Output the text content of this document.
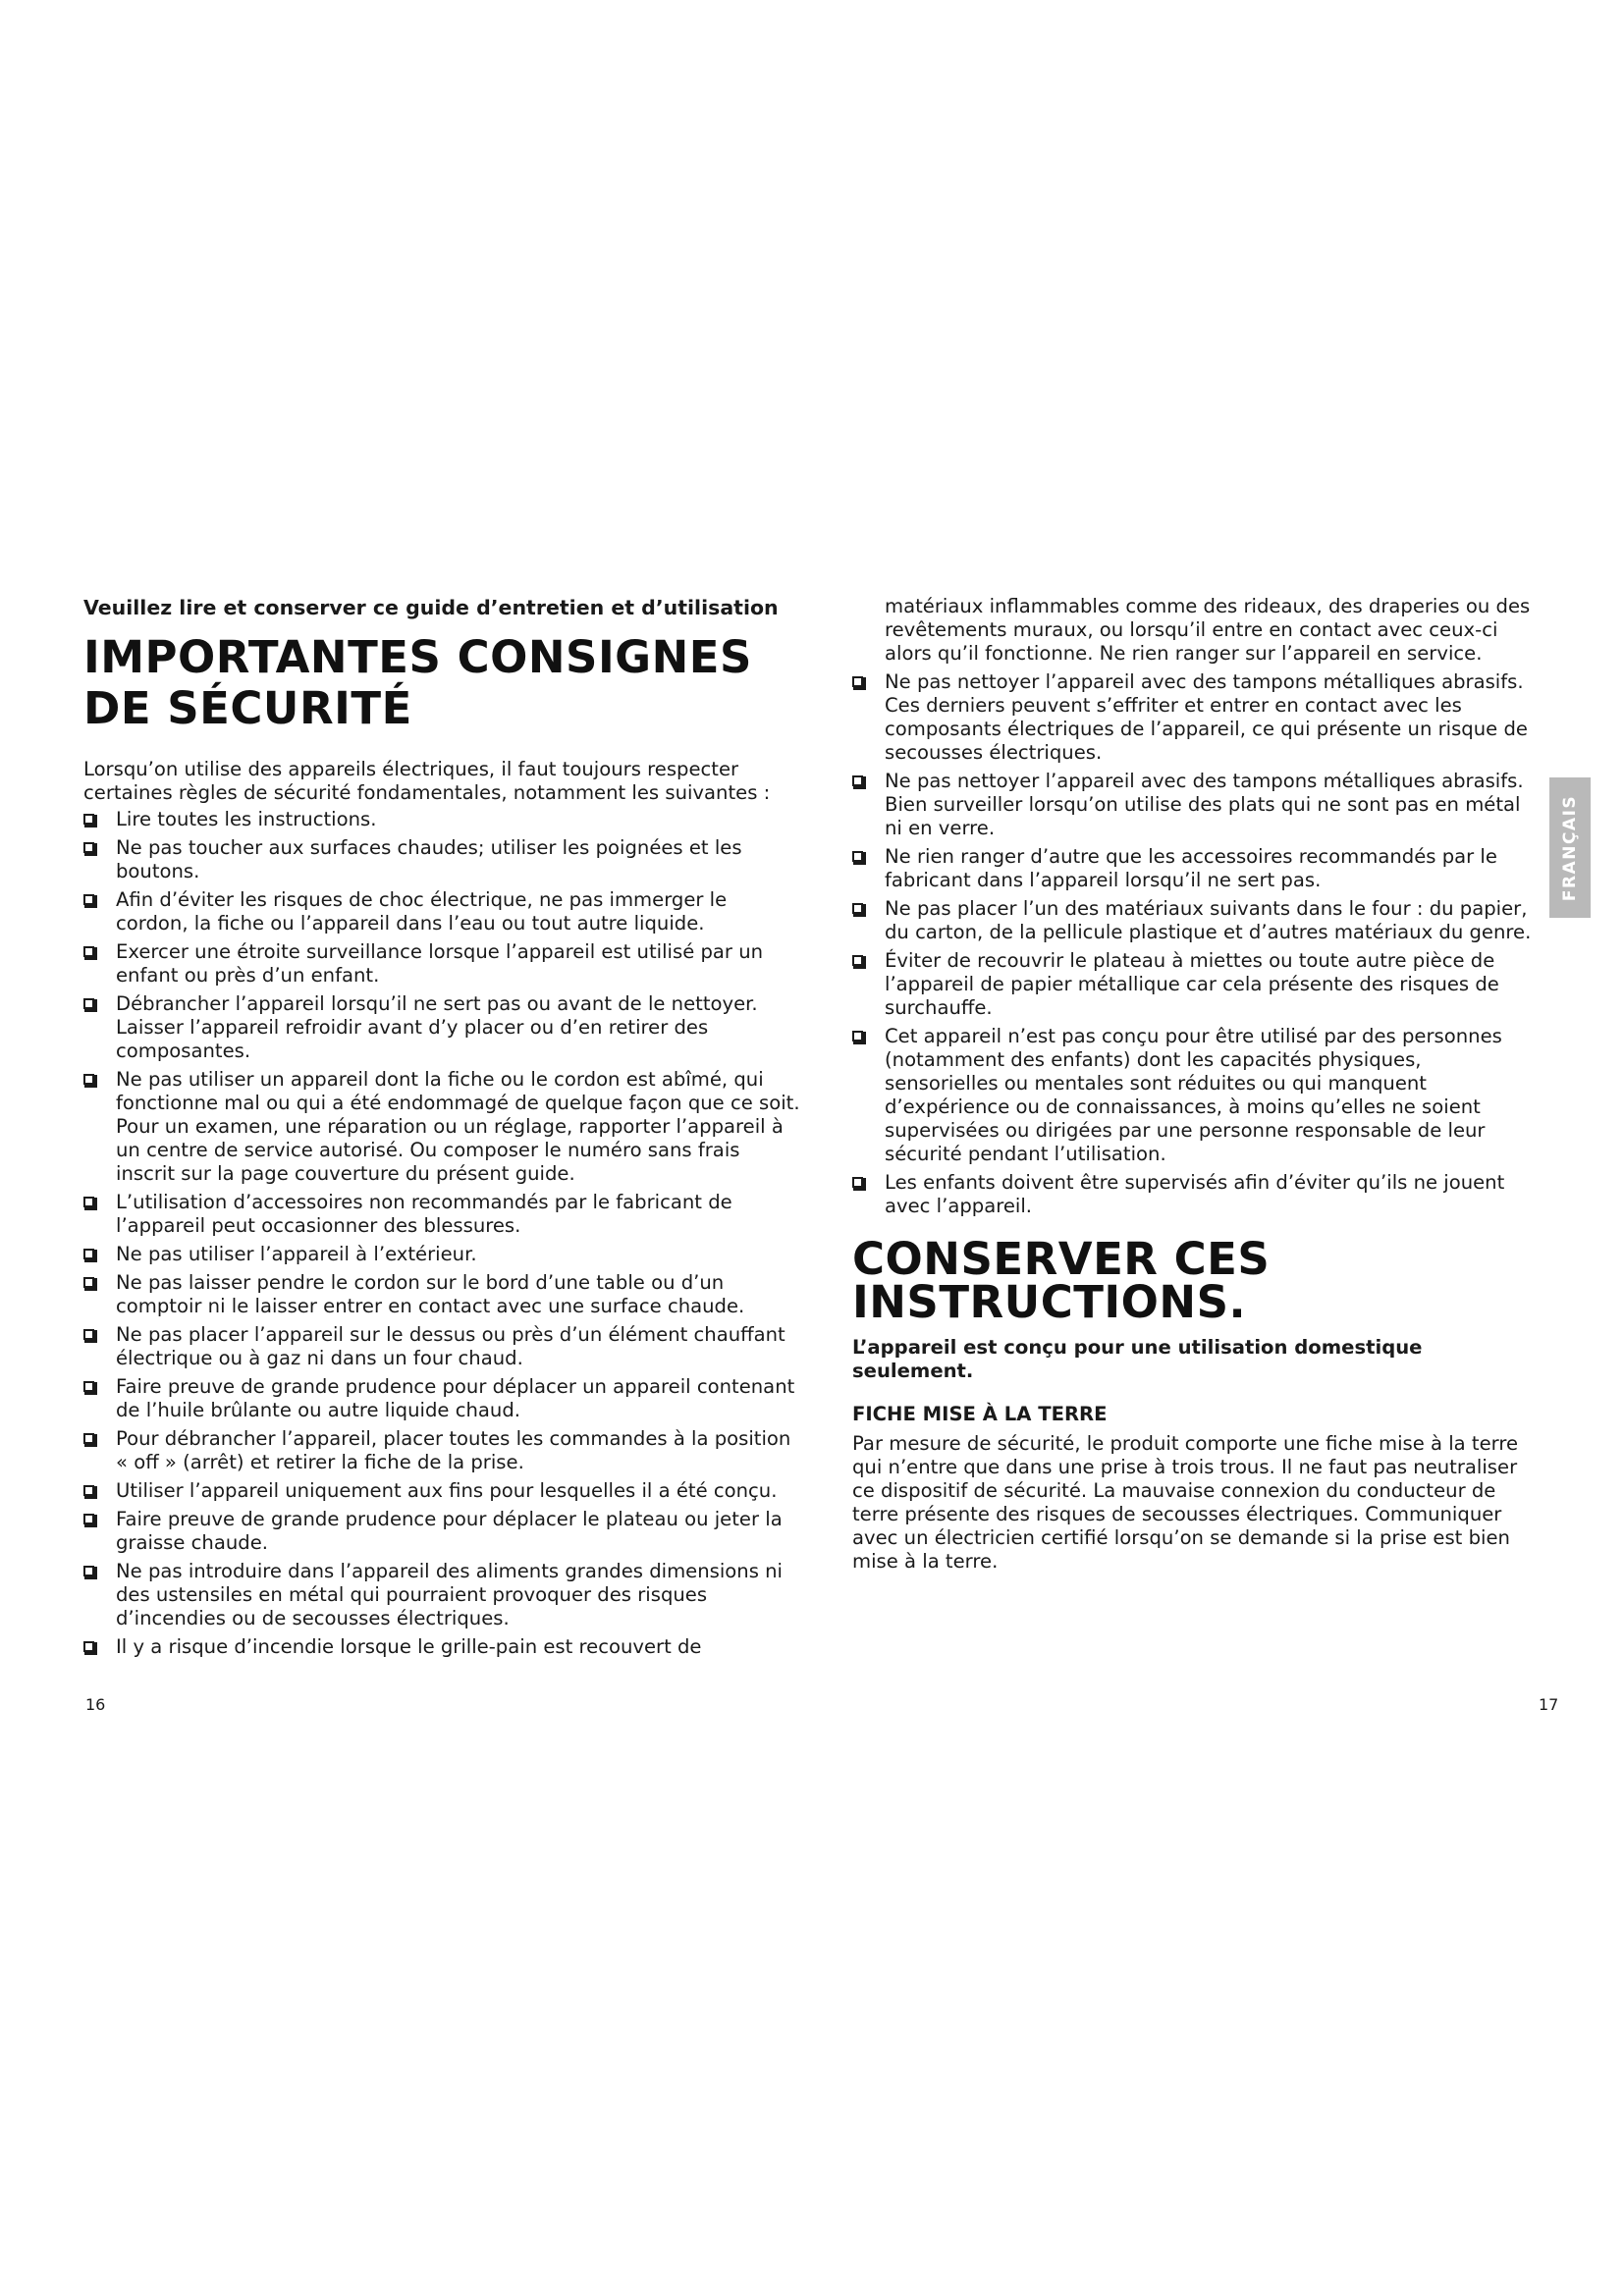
Veuillez lire et conserver ce guide d’entretien et d’utilisation
IMPORTANTES CONSIGNES
DE SÉCURITÉ
Lorsqu’on utilise des appareils électriques, il faut toujours respecter certaines règles de sécurité fondamentales, notamment les suivantes :
Lire toutes les instructions.
Ne pas toucher aux surfaces chaudes; utiliser les poignées et les boutons.
Afin d’éviter les risques de choc électrique, ne pas immerger le cordon, la fiche ou l’appareil dans l’eau ou tout autre liquide.
Exercer une étroite surveillance lorsque l’appareil est utilisé par un enfant ou près d’un enfant.
Débrancher l’appareil lorsqu’il ne sert pas ou avant de le nettoyer. Laisser l’appareil refroidir avant d’y placer ou d’en retirer des composantes.
Ne pas utiliser un appareil dont la fiche ou le cordon est abîmé, qui fonctionne mal ou qui a été endommagé de quelque façon que ce soit. Pour un examen, une réparation ou un réglage, rapporter l’appareil à un centre de service autorisé. Ou composer le numéro sans frais inscrit sur la page couverture du présent guide.
L’utilisation d’accessoires non recommandés par le fabricant de l’appareil peut occasionner des blessures.
Ne pas utiliser l’appareil à l’extérieur.
Ne pas laisser pendre le cordon sur le bord d’une table ou d’un comptoir ni le laisser entrer en contact avec une surface chaude.
Ne pas placer l’appareil sur le dessus ou près d’un élément chauffant électrique ou à gaz ni dans un four chaud.
Faire preuve de grande prudence pour déplacer un appareil contenant de l’huile brûlante ou autre liquide chaud.
Pour débrancher l’appareil, placer toutes les commandes à la position « off » (arrêt) et retirer la fiche de la prise.
Utiliser l’appareil uniquement aux fins pour lesquelles il a été conçu.
Faire preuve de grande prudence pour déplacer le plateau ou jeter la graisse chaude.
Ne pas introduire dans l’appareil des aliments grandes dimensions ni des ustensiles en métal qui pourraient provoquer des risques d’incendies ou de secousses électriques.
Il y a risque d’incendie lorsque le grille-pain est recouvert de
matériaux inflammables comme des rideaux, des draperies ou des revêtements muraux, ou lorsqu’il entre en contact avec ceux-ci alors qu’il fonctionne. Ne rien ranger sur l’appareil en service.
Ne pas nettoyer l’appareil avec des tampons métalliques abrasifs. Ces derniers peuvent s’effriter et entrer en contact avec les composants électriques de l’appareil, ce qui présente un risque de secousses électriques.
Ne pas nettoyer l’appareil avec des tampons métalliques abrasifs. Bien surveiller lorsqu’on utilise des plats qui ne sont pas en métal ni en verre.
Ne rien ranger d’autre que les accessoires recommandés par le fabricant dans l’appareil lorsqu’il ne sert pas.
Ne pas placer l’un des matériaux suivants dans le four : du papier, du carton, de la pellicule plastique et d’autres matériaux du genre.
Éviter de recouvrir le plateau à miettes ou toute autre pièce de l’appareil de papier métallique car cela présente des risques de surchauffe.
Cet appareil n’est pas conçu pour être utilisé par des personnes (notamment des enfants) dont les capacités physiques, sensorielles ou mentales sont réduites ou qui manquent d’expérience ou de connaissances, à moins qu’elles ne soient supervisées ou dirigées par une personne responsable de leur sécurité pendant l’utilisation.
Les enfants doivent être supervisés afin d’éviter qu’ils ne jouent avec l’appareil.
CONSERVER CES
INSTRUCTIONS.
L’appareil est conçu pour une utilisation domestique seulement.
FICHE MISE À LA TERRE
Par mesure de sécurité, le produit comporte une fiche mise à la terre qui n’entre que dans une prise à trois trous. Il ne faut pas neutraliser ce dispositif de sécurité. La mauvaise connexion du conducteur de terre présente des risques de secousses électriques. Communiquer avec un électricien certifié lorsqu’on se demande si la prise est bien mise à la terre.
16	17
FRANÇAIS
